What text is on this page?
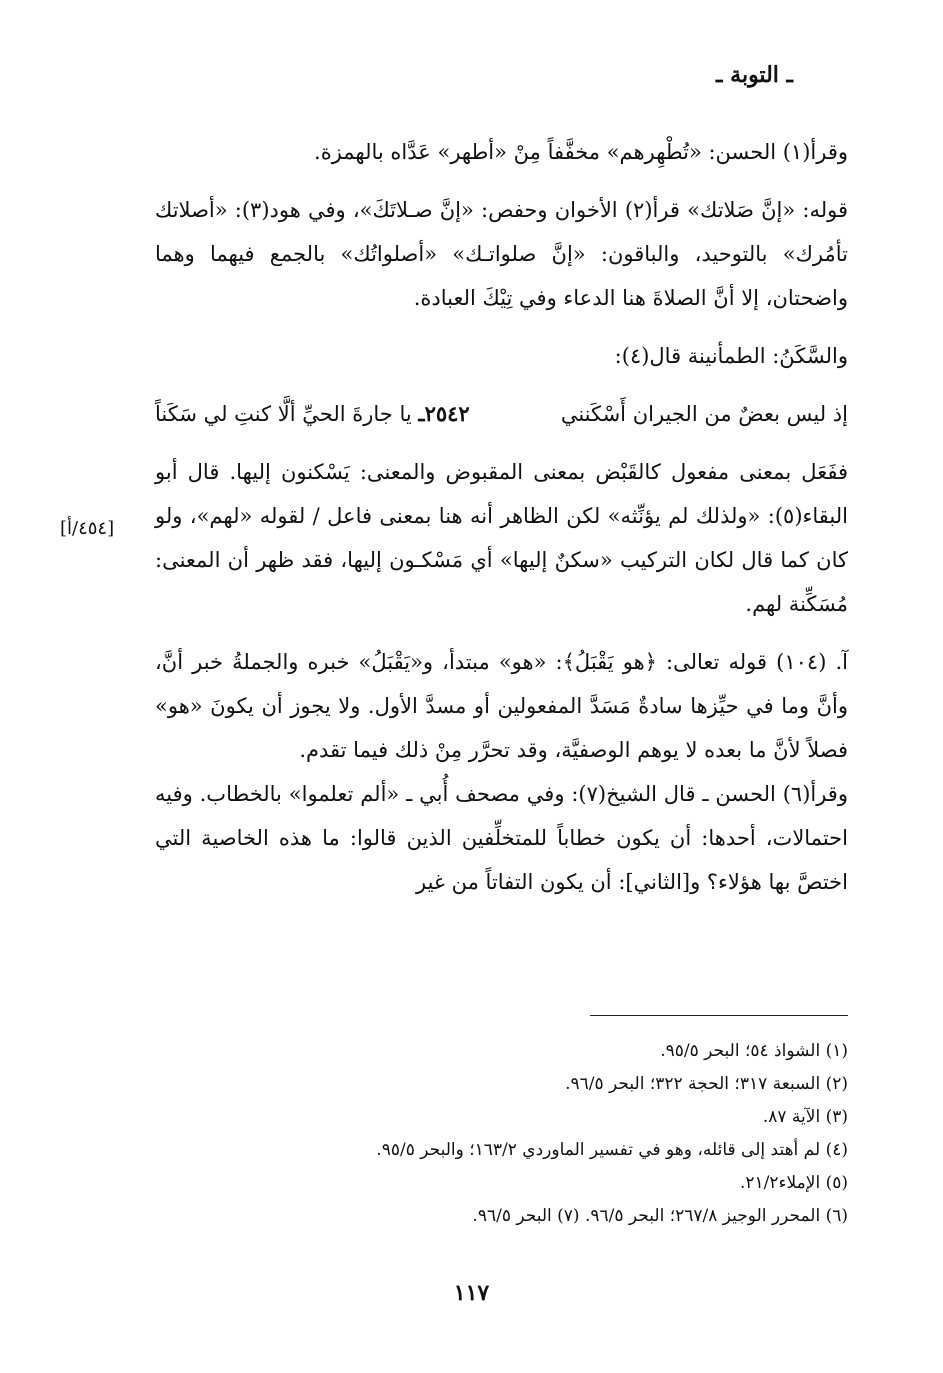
ـ التوبة ـ
[٤٥٤/أ]

وقرأ(١) الحسن: «تُطْهِرهم» مخفَّفاً مِنْ «أطهر» عَدَّاه بالهمزة.

قوله: «إنَّ صَلاتك» قرأ(٢) الأخوان وحفص: «إنَّ صـلاتَكَ»، وفي هود(٣): «أصلاتك تأمُرك» بالتوحيد، والباقون: «إنَّ صلواتـك» «أصلواتُك» بالجمع فيهما وهما واضحتان، إلا أنَّ الصلاةَ هنا الدعاء وفي تِيْكَ العبادة.

والسَّكَنُ: الطمأنينة قال(٤):

٢٥٤٢ـ يا جارةَ الحيِّ ألَّا كنتِ لي سَكَناً	إذ ليس بعضٌ من الجيران أَسْكَنني

ففَعَل بمعنى مفعول كالقَبْض بمعنى المقبوض والمعنى: يَسْكنون إليها. قال أبو البقاء(٥): «ولذلك لم يؤنِّثه» لكن الظاهر أنه هنا بمعنى فاعل / لقوله «لهم»، ولو كان كما قال لكان التركيب «سكنٌ إليها» أي مَسْكـون إليها، فقد ظهر أن المعنى: مُسَكِّنة لهم.

آ. (١٠٤) قوله تعالى: ﴿هو يَقْبَلُ﴾: «هو» مبتدأ، و«يَقْبَلُ» خبره والجملةُ خبر أنَّ، وأنَّ وما في حيِّزها سادةٌ مَسَدَّ المفعولين أو مسدَّ الأول. ولا يجوز أن يكونَ «هو» فصلاً لأنَّ ما بعده لا يوهم الوصفيَّة، وقد تحرَّر مِنْ ذلك فيما تقدم.

وقرأ(٦) الحسن ـ قال الشيخ(٧): وفي مصحف أُبي ـ «ألم تعلموا» بالخطاب. وفيه احتمالات، أحدها: أن يكون خطاباً للمتخلِّفين الذين قالوا: ما هذه الخاصية التي اختصَّ بها هؤلاء؟ و[الثاني]: أن يكون التفاتاً من غير

(١) الشواذ ٥٤؛ البحر ٩٥/٥.
(٢) السبعة ٣١٧؛ الحجة ٣٢٢؛ البحر ٩٦/٥.
(٣) الآية ٨٧.
(٤) لم أهتد إلى قائله، وهو في تفسير الماوردي ١٦٣/٢؛ والبحر ٩٥/٥.
(٥) الإملاء٢١/٢.
(٦) المحرر الوجيز ٢٦٧/٨؛ البحر ٩٦/٥. (٧) البحر ٩٦/٥.
١١٧
